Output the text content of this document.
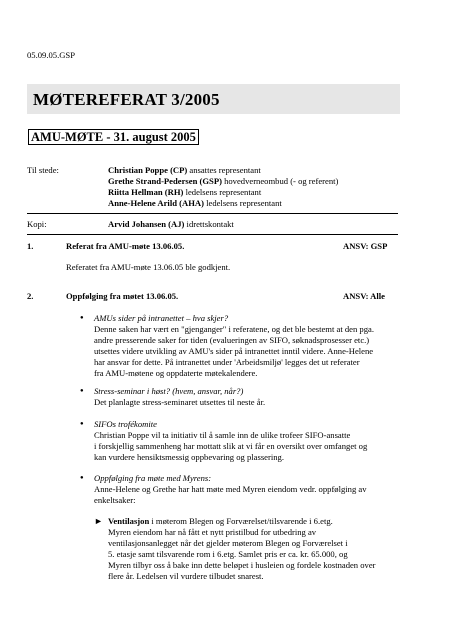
05.09.05.GSP
MØTEREFERAT 3/2005
AMU-MØTE - 31. august 2005
Til stede:	Christian Poppe (CP) ansattes representant
Grethe Strand-Pedersen (GSP) hovedverneombud (- og referent)
Riitta Hellman (RH) ledelsens representant
Anne-Helene Arild (AHA) ledelsens representant
Kopi:	Arvid Johansen (AJ) idrettskontakt
1.	Referat fra AMU-møte 13.06.05.	ANSV: GSP
Referatet fra AMU-møte 13.06.05 ble godkjent.
2.	Oppfølging fra møtet 13.06.05.	ANSV: Alle
● AMUs sider på intranettet – hva skjer?
Denne saken har vært en "gjenganger" i referatene, og det ble bestemt at den pga.
andre presserende saker for tiden (evalueringen av SIFO, søknadsprosesser etc.)
utsettes videre utvikling av AMU's sider på intranettet inntil videre. Anne-Helene
har ansvar for dette. På intranettet under 'Arbeidsmiljø' legges det ut referater
fra AMU-møtene og oppdaterte møtekalendere.
● Stress-seminar i høst? (hvem, ansvar, når?)
Det planlagte stress-seminaret utsettes til neste år.
● SIFOs trofékomite
Christian Poppe vil ta initiativ til å samle inn de ulike trofeer SIFO-ansatte
i forskjellig sammenheng har mottatt slik at vi får en oversikt over omfanget og
kan vurdere hensiktsmessig oppbevaring og plassering.
● Oppfølging fra møte med Myrens:
Anne-Helene og Grethe har hatt møte med Myren eiendom vedr. oppfølging av
enkeltsaker:
► Ventilasjon i møterom Blegen og Forværelset/tilsvarende i 6.etg.
Myren eiendom har nå fått et nytt pristilbud for utbedring av
ventilasjonsanlegget når det gjelder møterom Blegen og Forværelset i
5. etasje samt tilsvarende rom i 6.etg. Samlet pris er ca. kr. 65.000, og
Myren tilbyr oss å bake inn dette beløpet i husleien og fordele kostnaden over
flere år. Ledelsen vil vurdere tilbudet snarest.
